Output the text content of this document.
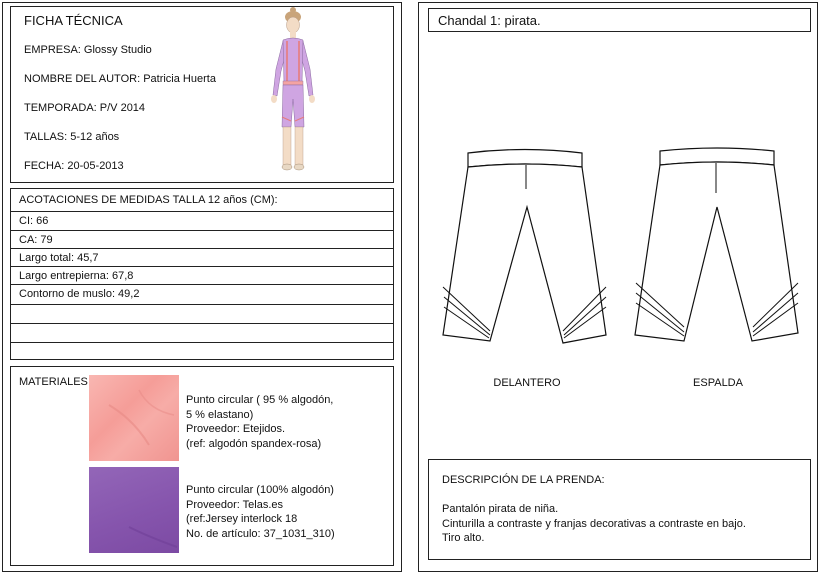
FICHA TÉCNICA
EMPRESA: Glossy Studio
NOMBRE DEL AUTOR: Patricia Huerta
TEMPORADA: P/V 2014
TALLAS: 5-12 años
FECHA: 20-05-2013
ACOTACIONES DE MEDIDAS TALLA 12 años (CM):
CI: 66
CA: 79
Largo total: 45,7
Largo entrepierna: 67,8
Contorno de muslo: 49,2
MATERIALES
Punto circular ( 95 % algodón,
5 % elastano)
Proveedor: Etejidos.
(ref: algodón spandex-rosa)
Punto circular (100% algodón)
Proveedor: Telas.es
(ref:Jersey interlock 18
No. de artículo: 37_1031_310)
Chandal 1: pirata.
DELANTERO	ESPALDA
DESCRIPCIÓN DE LA PRENDA:
Pantalón pirata de niña.
Cinturilla a contraste y franjas decorativas a contraste en bajo.
Tiro alto.
